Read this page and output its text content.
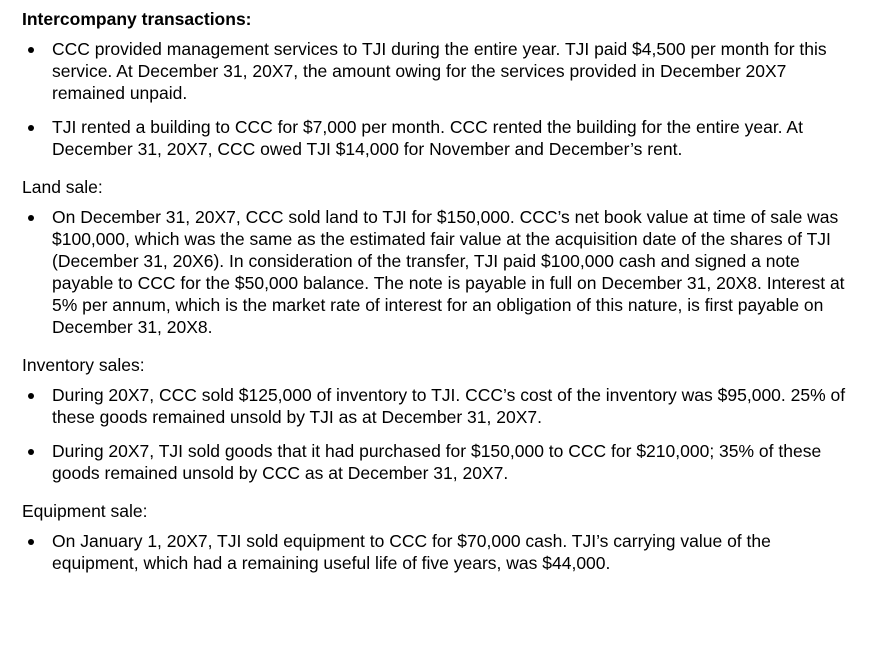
Intercompany transactions:

CCC provided management services to TJI during the entire year. TJI paid $4,500 per month for this service. At December 31, 20X7, the amount owing for the services provided in December 20X7 remained unpaid.
TJI rented a building to CCC for $7,000 per month. CCC rented the building for the entire year. At December 31, 20X7, CCC owed TJI $14,000 for November and December’s rent.

Land sale:

On December 31, 20X7, CCC sold land to TJI for $150,000. CCC’s net book value at time of sale was $100,000, which was the same as the estimated fair value at the acquisition date of the shares of TJI (December 31, 20X6). In consideration of the transfer, TJI paid $100,000 cash and signed a note payable to CCC for the $50,000 balance. The note is payable in full on December 31, 20X8. Interest at 5% per annum, which is the market rate of interest for an obligation of this nature, is first payable on December 31, 20X8.

Inventory sales:

During 20X7, CCC sold $125,000 of inventory to TJI. CCC’s cost of the inventory was $95,000. 25% of these goods remained unsold by TJI as at December 31, 20X7.
During 20X7, TJI sold goods that it had purchased for $150,000 to CCC for $210,000; 35% of these goods remained unsold by CCC as at December 31, 20X7.

Equipment sale:

On January 1, 20X7, TJI sold equipment to CCC for $70,000 cash. TJI’s carrying value of the equipment, which had a remaining useful life of five years, was $44,000.
